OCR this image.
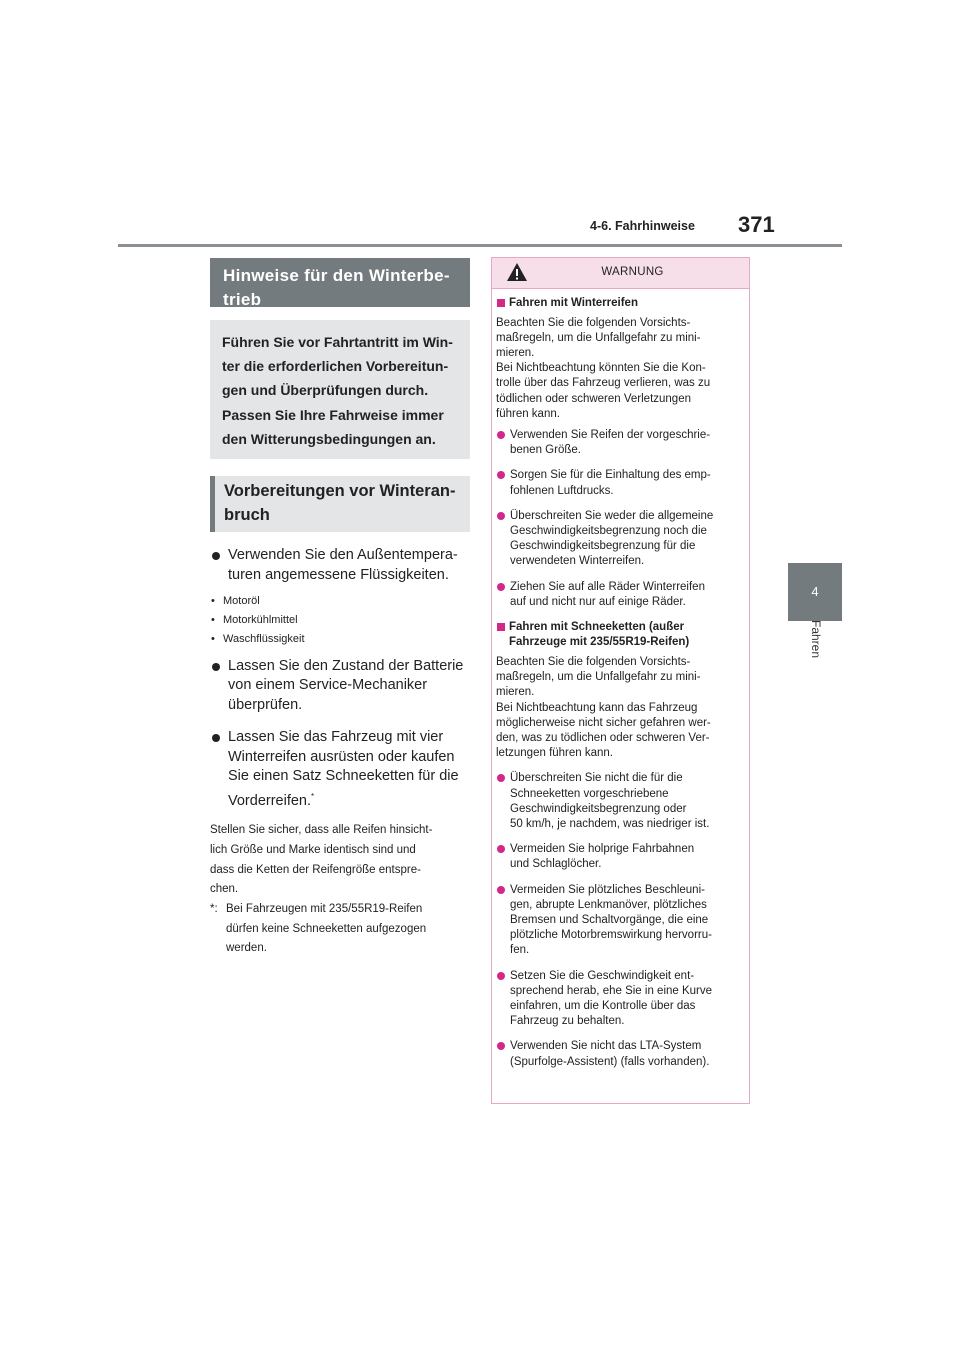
4-6. Fahrhinweise 371
4
Fahren
Hinweise für den Winterbe-
trieb
Führen Sie vor Fahrtantritt im Win-
ter die erforderlichen Vorbereitun-
gen und Überprüfungen durch.
Passen Sie Ihre Fahrweise immer
den Witterungsbedingungen an.
Vorbereitungen vor Winteran-
bruch
Verwenden Sie den Außentempera-
turen angemessene Flüssigkeiten.
• Motoröl
• Motorkühlmittel
• Waschflüssigkeit
Lassen Sie den Zustand der Batterie
von einem Service-Mechaniker
überprüfen.
Lassen Sie das Fahrzeug mit vier
Winterreifen ausrüsten oder kaufen
Sie einen Satz Schneeketten für die
Vorderreifen.*
Stellen Sie sicher, dass alle Reifen hinsicht-
lich Größe und Marke identisch sind und
dass die Ketten der Reifengröße entspre-
chen.
*: Bei Fahrzeugen mit 235/55R19-Reifen
dürfen keine Schneeketten aufgezogen
werden.
WARNUNG
Fahren mit Winterreifen
Beachten Sie die folgenden Vorsichts-
maßregeln, um die Unfallgefahr zu mini-
mieren.
Bei Nichtbeachtung könnten Sie die Kon-
trolle über das Fahrzeug verlieren, was zu
tödlichen oder schweren Verletzungen
führen kann.
Verwenden Sie Reifen der vorgeschrie-
benen Größe.
Sorgen Sie für die Einhaltung des emp-
fohlenen Luftdrucks.
Überschreiten Sie weder die allgemeine
Geschwindigkeitsbegrenzung noch die
Geschwindigkeitsbegrenzung für die
verwendeten Winterreifen.
Ziehen Sie auf alle Räder Winterreifen
auf und nicht nur auf einige Räder.
Fahren mit Schneeketten (außer
Fahrzeuge mit 235/55R19-Reifen)
Beachten Sie die folgenden Vorsichts-
maßregeln, um die Unfallgefahr zu mini-
mieren.
Bei Nichtbeachtung kann das Fahrzeug
möglicherweise nicht sicher gefahren wer-
den, was zu tödlichen oder schweren Ver-
letzungen führen kann.
Überschreiten Sie nicht die für die
Schneeketten vorgeschriebene
Geschwindigkeitsbegrenzung oder
50 km/h, je nachdem, was niedriger ist.
Vermeiden Sie holprige Fahrbahnen
und Schlaglöcher.
Vermeiden Sie plötzliches Beschleuni-
gen, abrupte Lenkmanöver, plötzliches
Bremsen und Schaltvorgänge, die eine
plötzliche Motorbremswirkung hervorru-
fen.
Setzen Sie die Geschwindigkeit ent-
sprechend herab, ehe Sie in eine Kurve
einfahren, um die Kontrolle über das
Fahrzeug zu behalten.
Verwenden Sie nicht das LTA-System
(Spurfolge-Assistent) (falls vorhanden).
